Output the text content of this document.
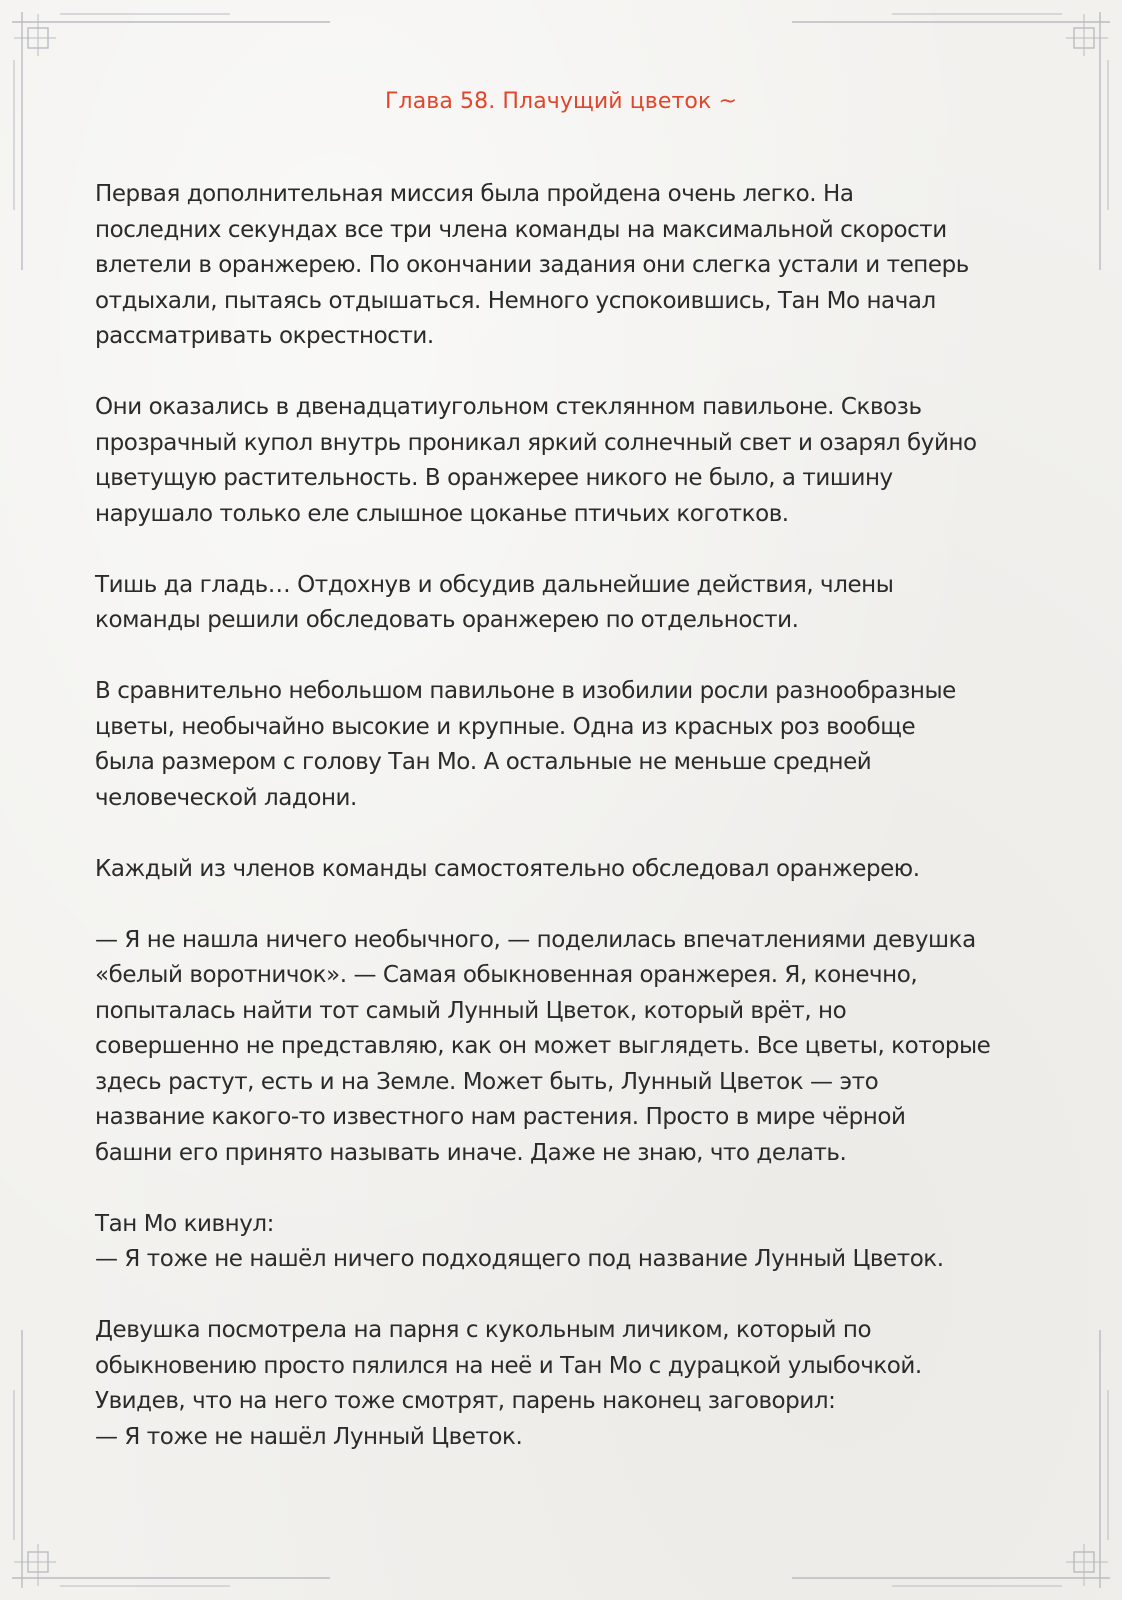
Глава 58. Плачущий цветок ~
Первая дополнительная миссия была пройдена очень легко. На
последних секундах все три члена команды на максимальной скорости
влетели в оранжерею. По окончании задания они слегка устали и теперь
отдыхали, пытаясь отдышаться. Немного успокоившись, Тан Мо начал
рассматривать окрестности.
Они оказались в двенадцатиугольном стеклянном павильоне. Сквозь
прозрачный купол внутрь проникал яркий солнечный свет и озарял буйно
цветущую растительность. В оранжерее никого не было, а тишину
нарушало только еле слышное цоканье птичьих коготков.
Тишь да гладь… Отдохнув и обсудив дальнейшие действия, члены
команды решили обследовать оранжерею по отдельности.
В сравнительно небольшом павильоне в изобилии росли разнообразные
цветы, необычайно высокие и крупные. Одна из красных роз вообще
была размером с голову Тан Мо. А остальные не меньше средней
человеческой ладони.
Каждый из членов команды самостоятельно обследовал оранжерею.
— Я не нашла ничего необычного, — поделилась впечатлениями девушка
«белый воротничок». — Самая обыкновенная оранжерея. Я, конечно,
попыталась найти тот самый Лунный Цветок, который врёт, но
совершенно не представляю, как он может выглядеть. Все цветы, которые
здесь растут, есть и на Земле. Может быть, Лунный Цветок — это
название какого-то известного нам растения. Просто в мире чёрной
башни его принято называть иначе. Даже не знаю, что делать.
Тан Мо кивнул:
— Я тоже не нашёл ничего подходящего под название Лунный Цветок.
Девушка посмотрела на парня с кукольным личиком, который по
обыкновению просто пялился на неё и Тан Мо с дурацкой улыбочкой.
Увидев, что на него тоже смотрят, парень наконец заговорил:
— Я тоже не нашёл Лунный Цветок.
